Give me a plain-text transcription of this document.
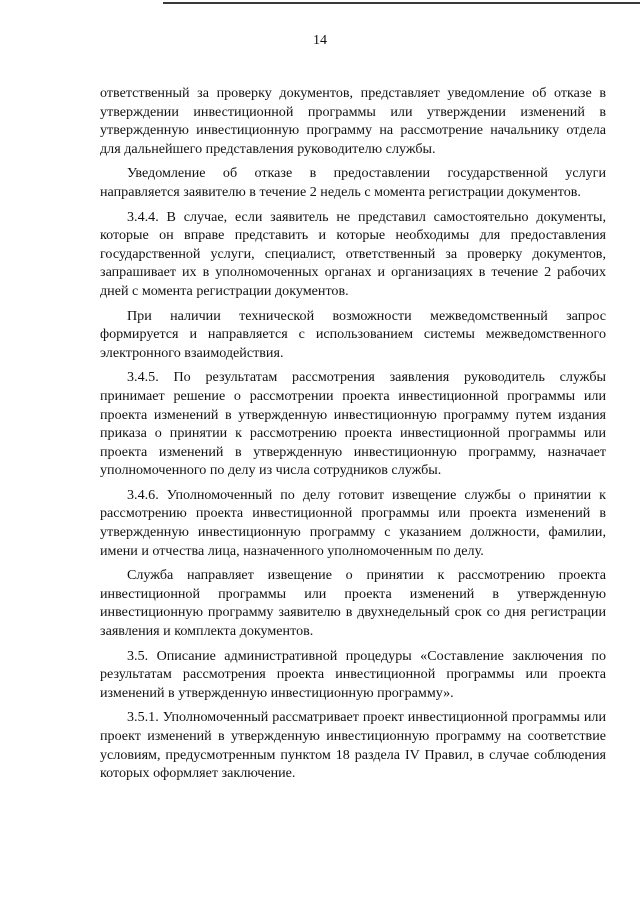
14

ответственный за проверку документов, представляет уведомление об отказе в утверждении инвестиционной программы или утверждении изменений в утвержденную инвестиционную программу на рассмотрение начальнику отдела для дальнейшего представления руководителю службы.

Уведомление об отказе в предоставлении государственной услуги направляется заявителю в течение 2 недель с момента регистрации документов.

3.4.4. В случае, если заявитель не представил самостоятельно документы, которые он вправе представить и которые необходимы для предоставления государственной услуги, специалист, ответственный за проверку документов, запрашивает их в уполномоченных органах и организациях в течение 2 рабочих дней с момента регистрации документов.

При наличии технической возможности межведомственный запрос формируется и направляется с использованием системы межведомственного электронного взаимодействия.

3.4.5. По результатам рассмотрения заявления руководитель службы принимает решение о рассмотрении проекта инвестиционной программы или проекта изменений в утвержденную инвестиционную программу путем издания приказа о принятии к рассмотрению проекта инвестиционной программы или проекта изменений в утвержденную инвестиционную программу, назначает уполномоченного по делу из числа сотрудников службы.

3.4.6. Уполномоченный по делу готовит извещение службы о принятии к рассмотрению проекта инвестиционной программы или проекта изменений в утвержденную инвестиционную программу с указанием должности, фамилии, имени и отчества лица, назначенного уполномоченным по делу.

Служба направляет извещение о принятии к рассмотрению проекта инвестиционной программы или проекта изменений в утвержденную инвестиционную программу заявителю в двухнедельный срок со дня регистрации заявления и комплекта документов.

3.5. Описание административной процедуры «Составление заключения по результатам рассмотрения проекта инвестиционной программы или проекта изменений в утвержденную инвестиционную программу».

3.5.1. Уполномоченный рассматривает проект инвестиционной программы или проект изменений в утвержденную инвестиционную программу на соответствие условиям, предусмотренным пунктом 18 раздела IV Правил, в случае соблюдения которых оформляет заключение.
